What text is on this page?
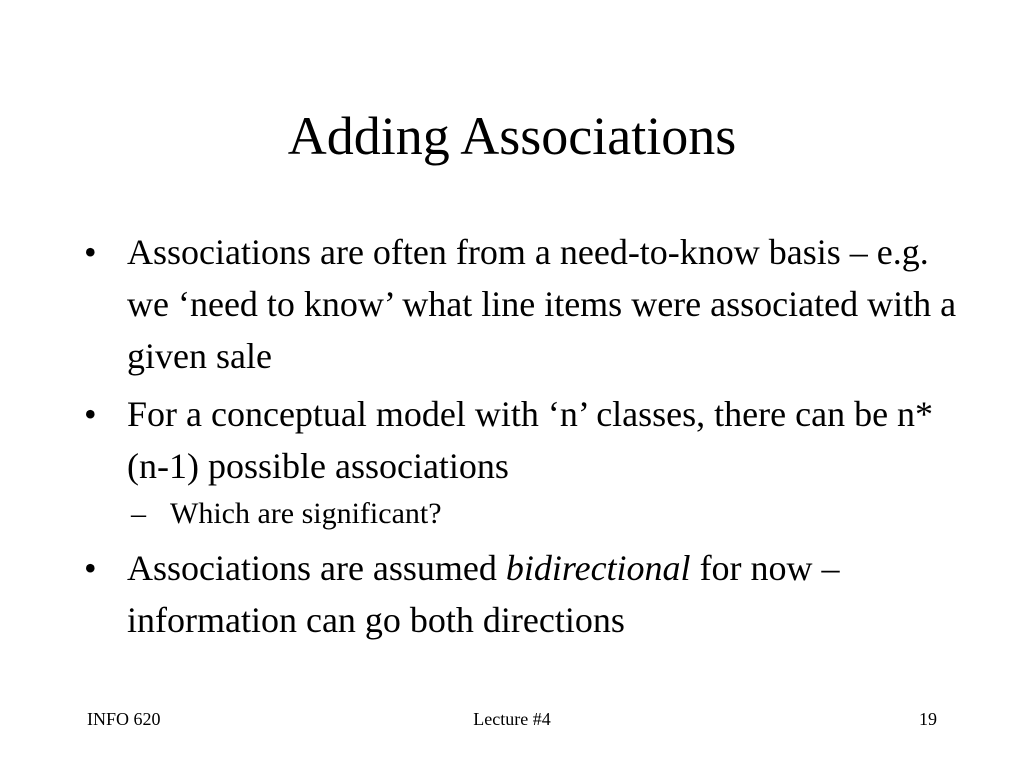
Adding Associations
• Associations are often from a need-to-know basis – e.g. we ‘need to know’ what line items were associated with a given sale
• For a conceptual model with ‘n’ classes, there can be n*(n-1) possible associations
– Which are significant?
• Associations are assumed bidirectional for now – information can go both directions

INFO 620	Lecture #4	19
